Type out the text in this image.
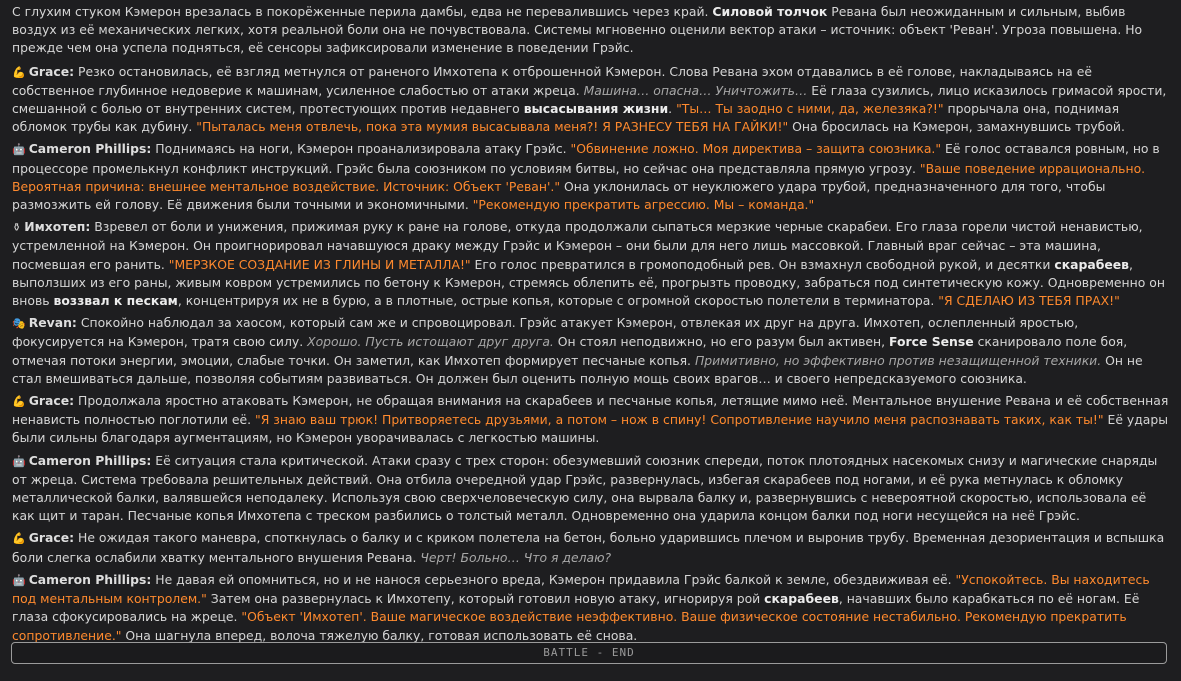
С глухим стуком Кэмерон врезалась в покорёженные перила дамбы, едва не перевалившись через край. Силовой толчок Ревана был неожиданным и сильным, выбив воздух из её механических легких, хотя реальной боли она не почувствовала. Системы мгновенно оценили вектор атаки – источник: объект 'Реван'. Угроза повышена. Но прежде чем она успела подняться, её сенсоры зафиксировали изменение в поведении Грэйс.
💪 Grace: Резко остановилась, её взгляд метнулся от раненого Имхотепа к отброшенной Кэмерон. Слова Ревана эхом отдавались в её голове, накладываясь на её собственное глубинное недоверие к машинам, усиленное слабостью от атаки жреца. Машина… опасна… Уничтожить… Её глаза сузились, лицо исказилось гримасой ярости, смешанной с болью от внутренних систем, протестующих против недавнего высасывания жизни. "Ты… Ты заодно с ними, да, железяка?!" прорычала она, поднимая обломок трубы как дубину. "Пыталась меня отвлечь, пока эта мумия высасывала меня?! Я РАЗНЕСУ ТЕБЯ НА ГАЙКИ!" Она бросилась на Кэмерон, замахнувшись трубой.
🤖 Cameron Phillips: Поднимаясь на ноги, Кэмерон проанализировала атаку Грэйс. "Обвинение ложно. Моя директива – защита союзника." Её голос оставался ровным, но в процессоре промелькнул конфликт инструкций. Грэйс была союзником по условиям битвы, но сейчас она представляла прямую угрозу. "Ваше поведение иррационально. Вероятная причина: внешнее ментальное воздействие. Источник: Объект 'Реван'." Она уклонилась от неуклюжего удара трубой, предназначенного для того, чтобы размозжить ей голову. Её движения были точными и экономичными. "Рекомендую прекратить агрессию. Мы – команда."
⚱ Имхотеп: Взревел от боли и унижения, прижимая руку к ране на голове, откуда продолжали сыпаться мерзкие черные скарабеи. Его глаза горели чистой ненавистью, устремленной на Кэмерон. Он проигнорировал начавшуюся драку между Грэйс и Кэмерон – они были для него лишь массовкой. Главный враг сейчас – эта машина, посмевшая его ранить. "МЕРЗКОЕ СОЗДАНИЕ ИЗ ГЛИНЫ И МЕТАЛЛА!" Его голос превратился в громоподобный рев. Он взмахнул свободной рукой, и десятки скарабеев, выползших из его раны, живым ковром устремились по бетону к Кэмерон, стремясь облепить её, прогрызть проводку, забраться под синтетическую кожу. Одновременно он вновь воззвал к пескам, концентрируя их не в бурю, а в плотные, острые копья, которые с огромной скоростью полетели в терминатора. "Я СДЕЛАЮ ИЗ ТЕБЯ ПРАХ!"
🎭 Revan: Спокойно наблюдал за хаосом, который сам же и спровоцировал. Грэйс атакует Кэмерон, отвлекая их друг на друга. Имхотеп, ослепленный яростью, фокусируется на Кэмерон, тратя свою силу. Хорошо. Пусть истощают друг друга. Он стоял неподвижно, но его разум был активен, Force Sense сканировало поле боя, отмечая потоки энергии, эмоции, слабые точки. Он заметил, как Имхотеп формирует песчаные копья. Примитивно, но эффективно против незащищенной техники. Он не стал вмешиваться дальше, позволяя событиям развиваться. Он должен был оценить полную мощь своих врагов… и своего непредсказуемого союзника.
💪 Grace: Продолжала яростно атаковать Кэмерон, не обращая внимания на скарабеев и песчаные копья, летящие мимо неё. Ментальное внушение Ревана и её собственная ненависть полностью поглотили её. "Я знаю ваш трюк! Притворяетесь друзьями, а потом – нож в спину! Сопротивление научило меня распознавать таких, как ты!" Её удары были сильны благодаря аугментациям, но Кэмерон уворачивалась с легкостью машины.
🤖 Cameron Phillips: Её ситуация стала критической. Атаки сразу с трех сторон: обезумевший союзник спереди, поток плотоядных насекомых снизу и магические снаряды от жреца. Система требовала решительных действий. Она отбила очередной удар Грэйс, развернулась, избегая скарабеев под ногами, и её рука метнулась к обломку металлической балки, валявшейся неподалеку. Используя свою сверхчеловеческую силу, она вырвала балку и, развернувшись с невероятной скоростью, использовала её как щит и таран. Песчаные копья Имхотепа с треском разбились о толстый металл. Одновременно она ударила концом балки под ноги несущейся на неё Грэйс.
💪 Grace: Не ожидая такого маневра, споткнулась о балку и с криком полетела на бетон, больно ударившись плечом и выронив трубу. Временная дезориентация и вспышка боли слегка ослабили хватку ментального внушения Ревана. Черт! Больно… Что я делаю?
🤖 Cameron Phillips: Не давая ей опомниться, но и не нанося серьезного вреда, Кэмерон придавила Грэйс балкой к земле, обездвиживая её. "Успокойтесь. Вы находитесь под ментальным контролем." Затем она развернулась к Имхотепу, который готовил новую атаку, игнорируя рой скарабеев, начавших было карабкаться по её ногам. Её глаза сфокусировались на жреце. "Объект 'Имхотеп'. Ваше магическое воздействие неэффективно. Ваше физическое состояние нестабильно. Рекомендую прекратить сопротивление." Она шагнула вперед, волоча тяжелую балку, готовая использовать её снова.
BATTLE - END
